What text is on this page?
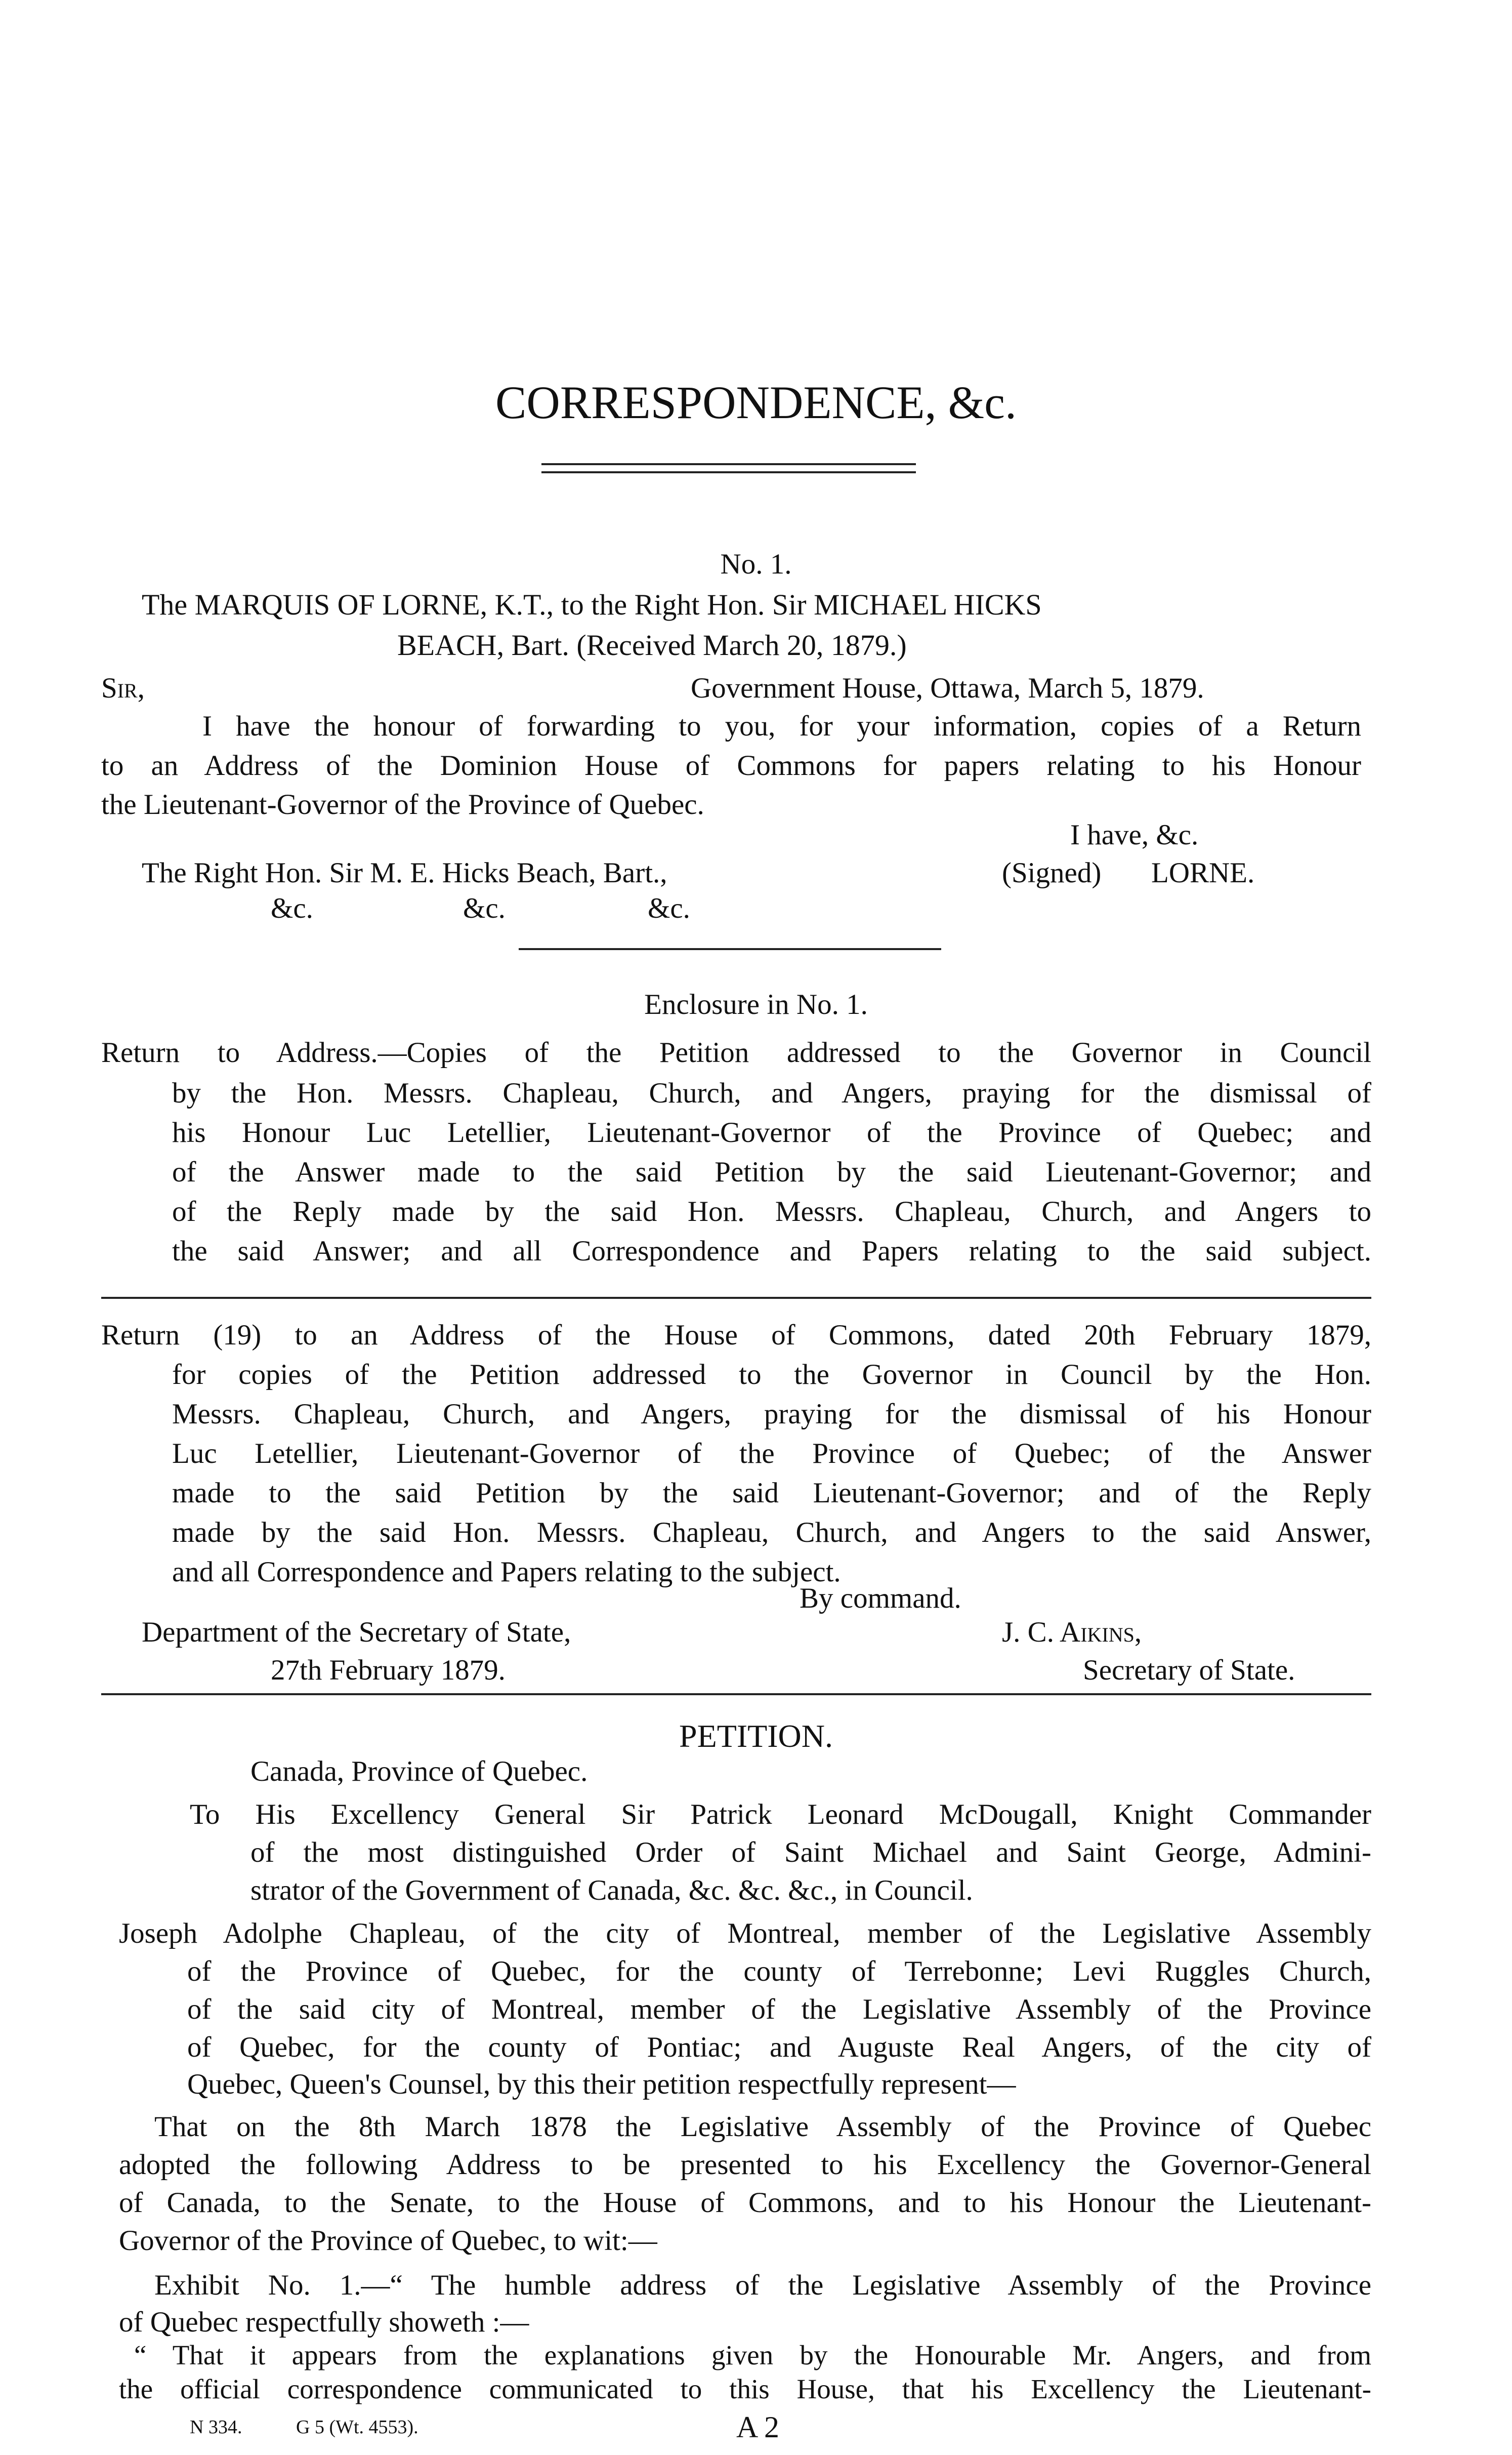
CORRESPONDENCE, &c.
No. 1.
The MARQUIS OF LORNE, K.T., to the Right Hon. Sir MICHAEL HICKS
BEACH, Bart. (Received March 20, 1879.)
Sir,	Government House, Ottawa, March 5, 1879.
I have the honour of forwarding to you, for your information, copies of a Return
to an Address of the Dominion House of Commons for papers relating to his Honour
the Lieutenant-Governor of the Province of Quebec.
I have, &c.
The Right Hon. Sir M. E. Hicks Beach, Bart.,	(Signed) LORNE.
&c.	&c.	&c.
Enclosure in No. 1.
Return to Address.—Copies of the Petition addressed to the Governor in Council
by the Hon. Messrs. Chapleau, Church, and Angers, praying for the dismissal of
his Honour Luc Letellier, Lieutenant-Governor of the Province of Quebec; and
of the Answer made to the said Petition by the said Lieutenant-Governor; and
of the Reply made by the said Hon. Messrs. Chapleau, Church, and Angers to
the said Answer; and all Correspondence and Papers relating to the said subject.
Return (19) to an Address of the House of Commons, dated 20th February 1879,
for copies of the Petition addressed to the Governor in Council by the Hon.
Messrs. Chapleau, Church, and Angers, praying for the dismissal of his Honour
Luc Letellier, Lieutenant-Governor of the Province of Quebec; of the Answer
made to the said Petition by the said Lieutenant-Governor; and of the Reply
made by the said Hon. Messrs. Chapleau, Church, and Angers to the said Answer,
and all Correspondence and Papers relating to the subject.
By command.
Department of the Secretary of State,	J. C. Aikins,
27th February 1879.	Secretary of State.
PETITION.
Canada, Province of Quebec.
To His Excellency General Sir Patrick Leonard McDougall, Knight Commander
of the most distinguished Order of Saint Michael and Saint George, Admini-
strator of the Government of Canada, &c. &c. &c., in Council.
Joseph Adolphe Chapleau, of the city of Montreal, member of the Legislative Assembly
of the Province of Quebec, for the county of Terrebonne; Levi Ruggles Church,
of the said city of Montreal, member of the Legislative Assembly of the Province
of Quebec, for the county of Pontiac; and Auguste Real Angers, of the city of
Quebec, Queen's Counsel, by this their petition respectfully represent—
That on the 8th March 1878 the Legislative Assembly of the Province of Quebec
adopted the following Address to be presented to his Excellency the Governor-General
of Canada, to the Senate, to the House of Commons, and to his Honour the Lieutenant-
Governor of the Province of Quebec, to wit:—
Exhibit No. 1.—“ The humble address of the Legislative Assembly of the Province
of Quebec respectfully showeth :—
“ That it appears from the explanations given by the Honourable Mr. Angers, and from
the official correspondence communicated to this House, that his Excellency the Lieutenant-
N 334.	G 5 (Wt. 4553).	A 2
